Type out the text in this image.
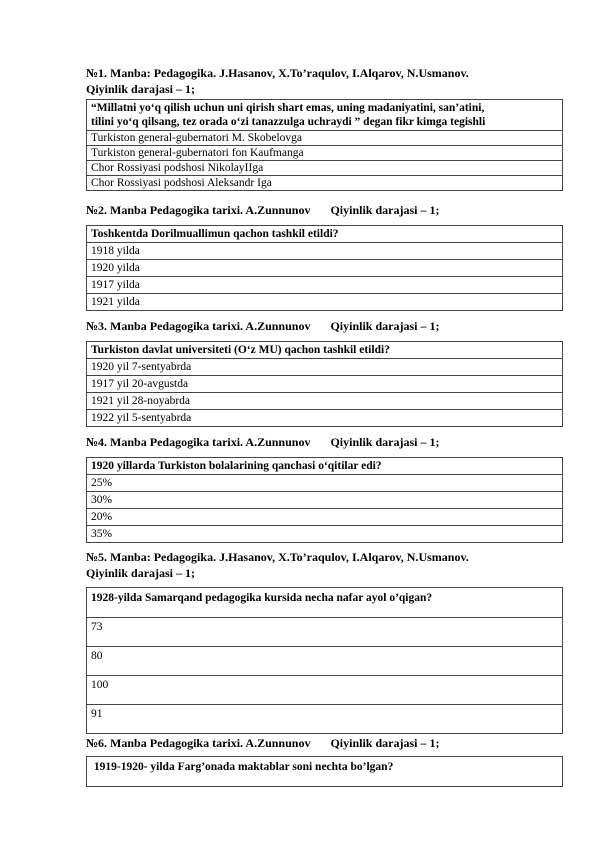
№1. Manba: Pedagogika. J.Hasanov, X.To’raqulov, I.Alqarov, N.Usmanov.
Qiyinlik darajasi – 1;
“Millatni yo‘q qilish uchun uni qirish shart emas, uning madaniyatini, san’atini,
tilini yo‘q qilsang, tez orada o‘zi tanazzulga uchraydi ” degan fikr kimga tegishli

Turkiston general-gubernatori M. Skobelovga
Turkiston general-gubernatori fon Kaufmanga
Chor Rossiyasi podshosi NikolayIIga
Chor Rossiyasi podshosi Aleksandr Iga
№2. Manba Pedagogika tarixi. A.Zunnunov Qiyinlik darajasi – 1;
Toshkentda Dorilmuallimun qachon tashkil etildi?
1918 yilda
1920 yilda
1917 yilda
1921 yilda
№3. Manba Pedagogika tarixi. A.Zunnunov Qiyinlik darajasi – 1;
Turkiston davlat universiteti (O‘z MU) qachon tashkil etildi?
1920 yil 7-sentyabrda
1917 yil 20-avgustda
1921 yil 28-noyabrda
1922 yil 5-sentyabrda
№4. Manba Pedagogika tarixi. A.Zunnunov Qiyinlik darajasi – 1;
1920 yillarda Turkiston bolalarining qanchasi o‘qitilar edi?
25%
30%
20%
35%
№5. Manba: Pedagogika. J.Hasanov, X.To’raqulov, I.Alqarov, N.Usmanov.
Qiyinlik darajasi – 1;
1928-yilda Samarqand pedagogika kursida necha nafar ayol o’qigan?
73
80
100
91
№6. Manba Pedagogika tarixi. A.Zunnunov Qiyinlik darajasi – 1;
1919-1920- yilda Farg’onada maktablar soni nechta bo’lgan?
